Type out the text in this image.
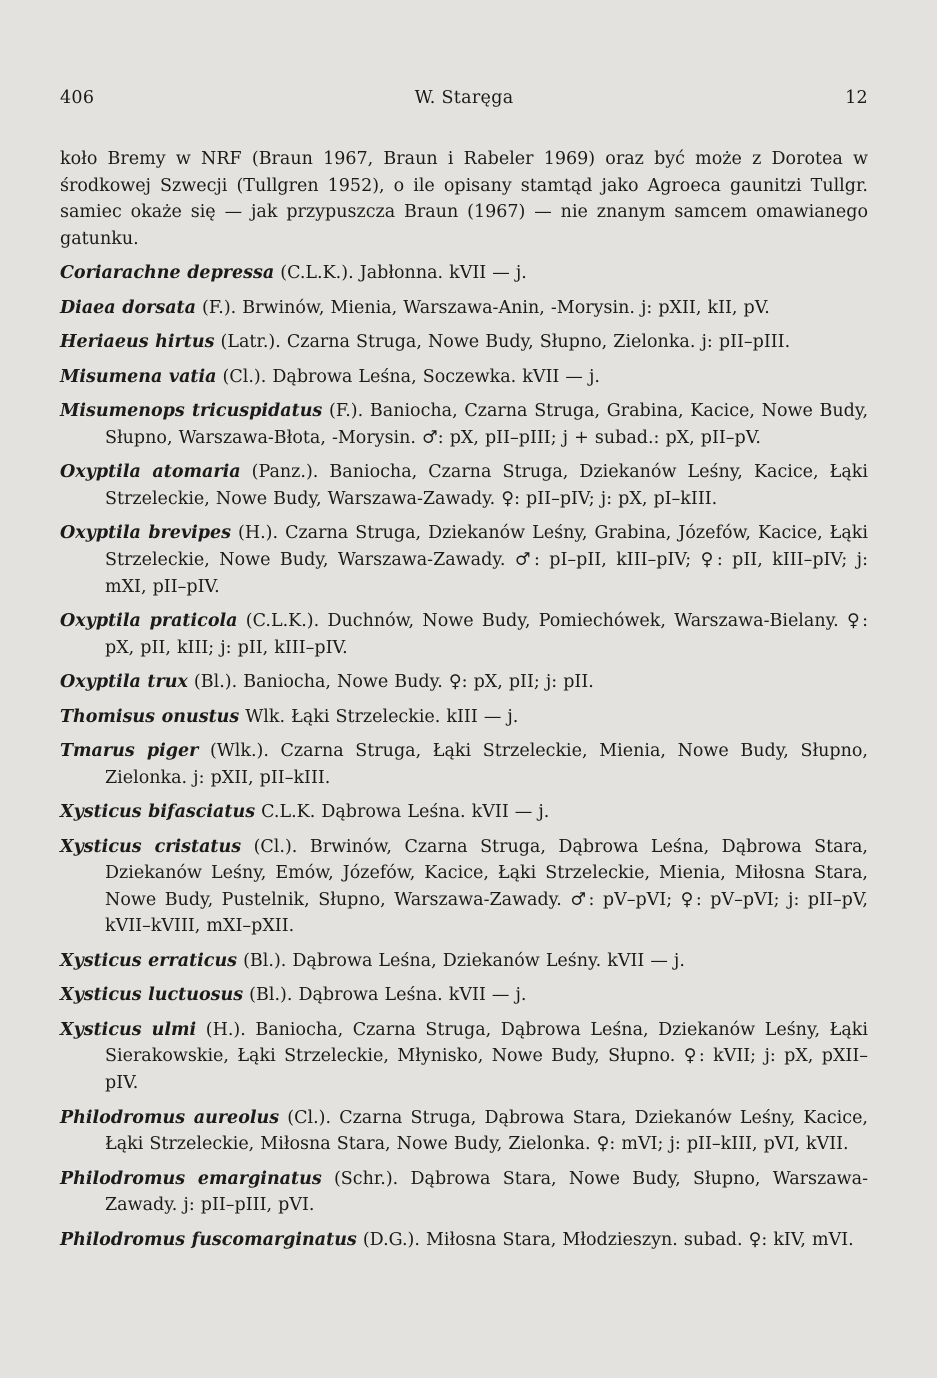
406	W. Staręga	12

koło Bremy w NRF (Braun 1967, Braun i Rabeler 1969) oraz być może z Dorotea w środkowej Szwecji (Tullgren 1952), o ile opisany stamtąd jako Agroeca gaunitzi Tullgr. samiec okaże się — jak przypuszcza Braun (1967) — nie znanym samcem omawianego gatunku.

Coriarachne depressa (C.L.K.). Jabłonna. kVII — j.

Diaea dorsata (F.). Brwinów, Mienia, Warszawa-Anin, -Morysin. j: pXII, kII, pV.

Heriaeus hirtus (Latr.). Czarna Struga, Nowe Budy, Słupno, Zielonka. j: pII–pIII.

Misumena vatia (Cl.). Dąbrowa Leśna, Soczewka. kVII — j.

Misumenops tricuspidatus (F.). Baniocha, Czarna Struga, Grabina, Kacice, Nowe Budy, Słupno, Warszawa-Błota, -Morysin. ♂: pX, pII–pIII; j + subad.: pX, pII–pV.

Oxyptila atomaria (Panz.). Baniocha, Czarna Struga, Dziekanów Leśny, Kacice, Łąki Strzeleckie, Nowe Budy, Warszawa-Zawady. ♀: pII–pIV; j: pX, pI–kIII.

Oxyptila brevipes (H.). Czarna Struga, Dziekanów Leśny, Grabina, Józefów, Kacice, Łąki Strzeleckie, Nowe Budy, Warszawa-Zawady. ♂: pI–pII, kIII–pIV; ♀: pII, kIII–pIV; j: mXI, pII–pIV.

Oxyptila praticola (C.L.K.). Duchnów, Nowe Budy, Pomiechówek, Warszawa-Bielany. ♀: pX, pII, kIII; j: pII, kIII–pIV.

Oxyptila trux (Bl.). Baniocha, Nowe Budy. ♀: pX, pII; j: pII.

Thomisus onustus Wlk. Łąki Strzeleckie. kIII — j.

Tmarus piger (Wlk.). Czarna Struga, Łąki Strzeleckie, Mienia, Nowe Budy, Słupno, Zielonka. j: pXII, pII–kIII.

Xysticus bifasciatus C.L.K. Dąbrowa Leśna. kVII — j.

Xysticus cristatus (Cl.). Brwinów, Czarna Struga, Dąbrowa Leśna, Dąbrowa Stara, Dziekanów Leśny, Emów, Józefów, Kacice, Łąki Strzeleckie, Mienia, Miłosna Stara, Nowe Budy, Pustelnik, Słupno, Warszawa-Zawady. ♂: pV–pVI; ♀: pV–pVI; j: pII–pV, kVII–kVIII, mXI–pXII.

Xysticus erraticus (Bl.). Dąbrowa Leśna, Dziekanów Leśny. kVII — j.

Xysticus luctuosus (Bl.). Dąbrowa Leśna. kVII — j.

Xysticus ulmi (H.). Baniocha, Czarna Struga, Dąbrowa Leśna, Dziekanów Leśny, Łąki Sierakowskie, Łąki Strzeleckie, Młynisko, Nowe Budy, Słupno. ♀: kVII; j: pX, pXII–pIV.

Philodromus aureolus (Cl.). Czarna Struga, Dąbrowa Stara, Dziekanów Leśny, Kacice, Łąki Strzeleckie, Miłosna Stara, Nowe Budy, Zielonka. ♀: mVI; j: pII–kIII, pVI, kVII.

Philodromus emarginatus (Schr.). Dąbrowa Stara, Nowe Budy, Słupno, Warszawa-Zawady. j: pII–pIII, pVI.

Philodromus fuscomarginatus (D.G.). Miłosna Stara, Młodzieszyn. subad. ♀: kIV, mVI.
